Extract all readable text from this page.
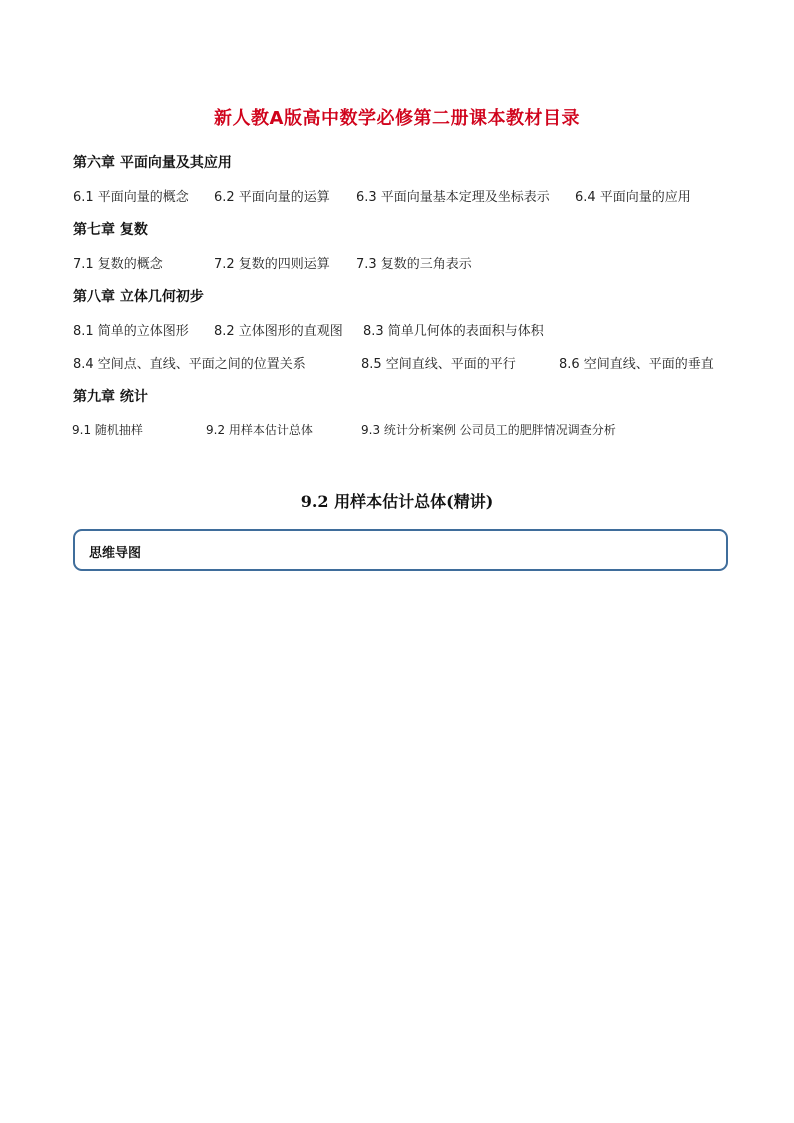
新人教A版高中数学必修第二册课本教材目录
第六章 平面向量及其应用
6.1 平面向量的概念 6.2 平面向量的运算 6.3 平面向量基本定理及坐标表示 6.4 平面向量的应用
第七章 复数
7.1 复数的概念	7.2 复数的四则运算 7.3 复数的三角表示
第八章 立体几何初步
8.1 简单的立体图形 8.2 立体图形的直观图 8.3 简单几何体的表面积与体积
8.4 空间点、直线、平面之间的位置关系	8.5 空间直线、平面的平行	8.6 空间直线、平面的垂直
第九章 统计
9.1 随机抽样	9.2 用样本估计总体	9.3 统计分析案例 公司员工的肥胖情况调查分析
9.2 用样本估计总体(精讲)
思维导图
